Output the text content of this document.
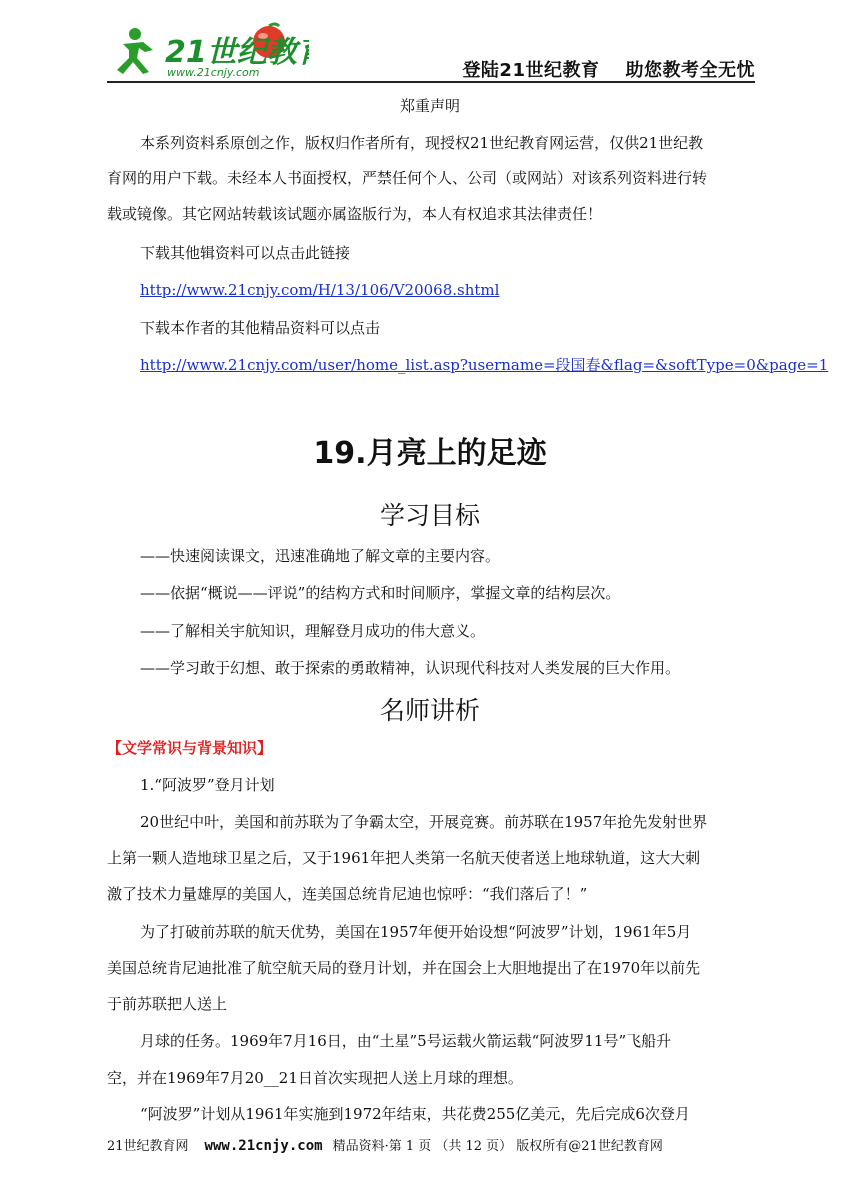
21世纪教
www.21cnjy.com	登陆21世纪教育 助您教考全无忧
郑重声明
本系列资料系原创之作，版权归作者所有，现授权21世纪教育网运营，仅供21世纪教
育网的用户下载。未经本人书面授权，严禁任何个人、公司（或网站）对该系列资料进行转
载或镜像。其它网站转载该试题亦属盗版行为，本人有权追求其法律责任！
下载其他辑资料可以点击此链接
http://www.21cnjy.com/H/13/106/V20068.shtml
下载本作者的其他精品资料可以点击
http://www.21cnjy.com/user/home_list.asp?username=段国春&flag=&softType=0&page=1
19.月亮上的足迹
学习目标
——快速阅读课文，迅速准确地了解文章的主要内容。
——依据“概说——评说”的结构方式和时间顺序，掌握文章的结构层次。
——了解相关宇航知识，理解登月成功的伟大意义。
——学习敢于幻想、敢于探索的勇敢精神，认识现代科技对人类发展的巨大作用。
名师讲析
【文学常识与背景知识】
1.“阿波罗”登月计划
20世纪中叶，美国和前苏联为了争霸太空，开展竞赛。前苏联在1957年抢先发射世界
上第一颗人造地球卫星之后，又于1961年把人类第一名航天使者送上地球轨道，这大大刺
激了技术力量雄厚的美国人，连美国总统肯尼迪也惊呼：“我们落后了！”
为了打破前苏联的航天优势，美国在1957年便开始设想“阿波罗”计划，1961年5月
美国总统肯尼迪批准了航空航天局的登月计划，并在国会上大胆地提出了在1970年以前先
于前苏联把人送上
月球的任务。1969年7月16日，由“土星”5号运载火箭运载“阿波罗11号”飞船升
空，并在1969年7月20__21日首次实现把人送上月球的理想。
“阿波罗”计划从1961年实施到1972年结束，共花费255亿美元，先后完成6次登月
21世纪教育网 www.21cnjy.com 精品资料·第 1 页 （共 12 页） 版权所有@21世纪教育网
